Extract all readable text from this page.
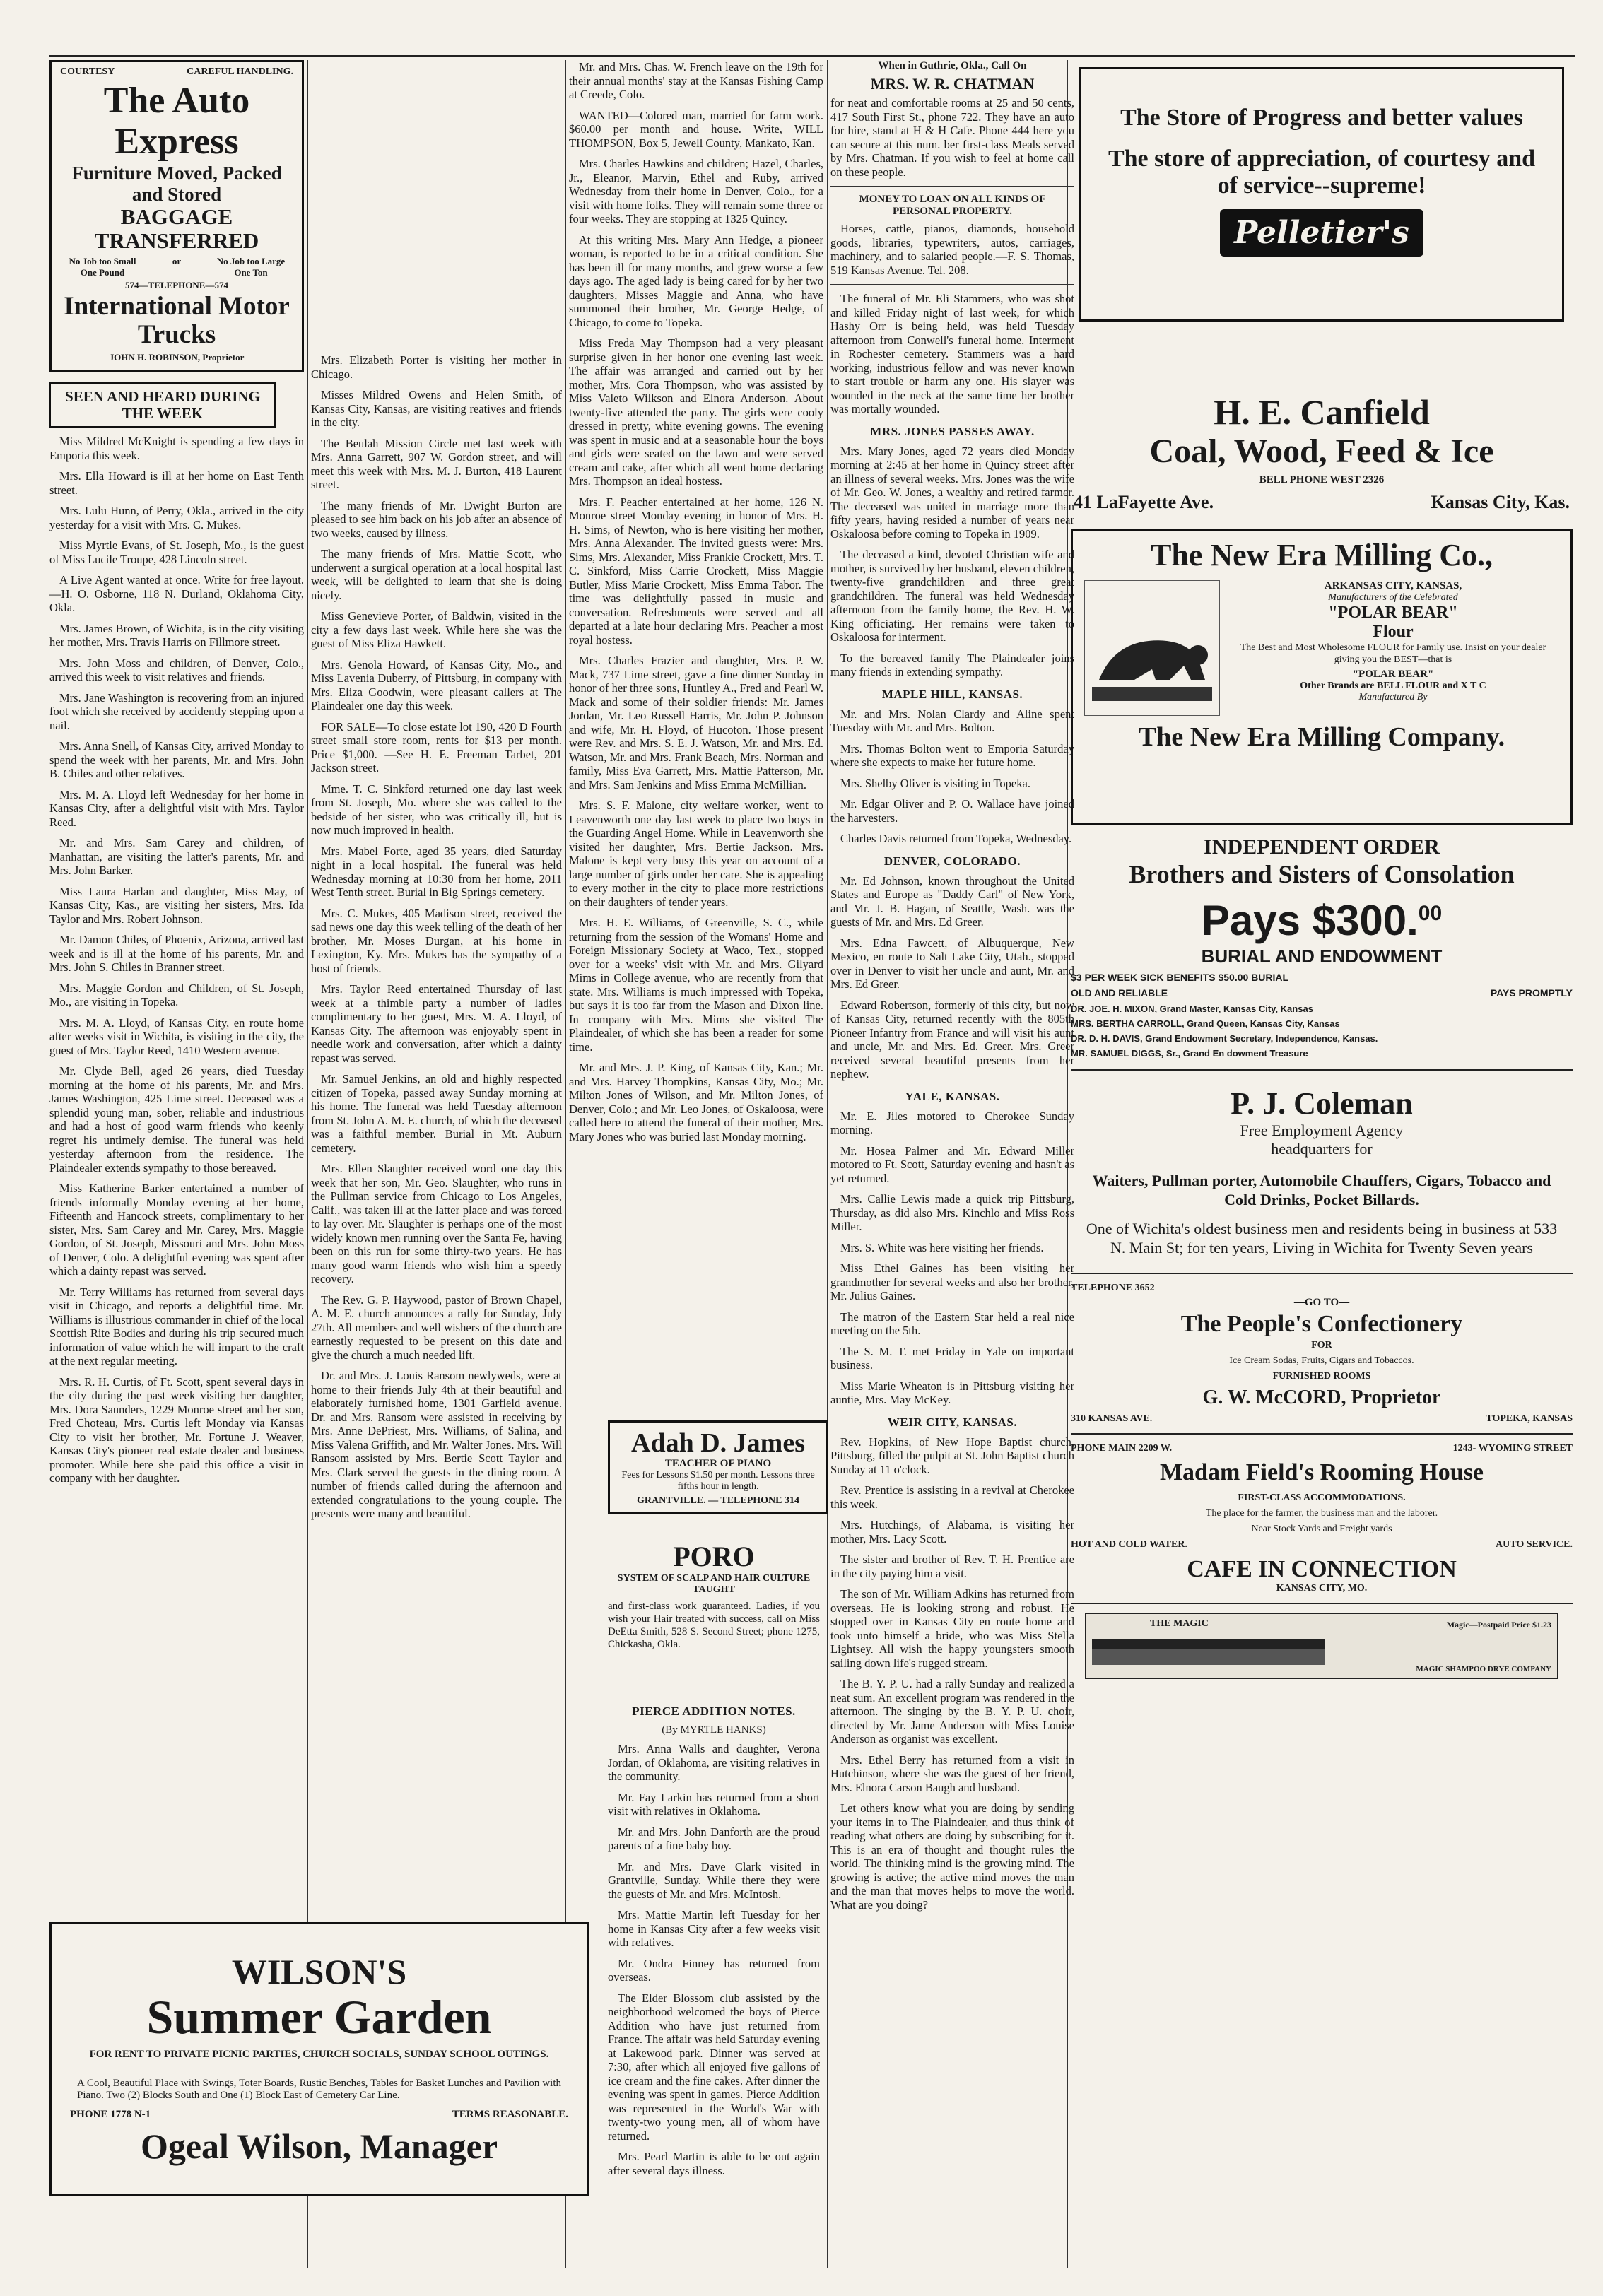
COURTESY	CAREFUL HANDLING.
The Auto Express
Furniture Moved, Packed and Stored
BAGGAGE TRANSFERRED
No Job too Small One Pound
or	No Job too Large One Ton
574—TELEPHONE—574
International Motor Trucks
JOHN H. ROBINSON, Proprietor
SEEN AND HEARD DURING THE WEEK

Miss Mildred McKnight is spending a few days in Emporia this week.

Mrs. Ella Howard is ill at her home on East Tenth street.

Mrs. Lulu Hunn, of Perry, Okla., arrived in the city yesterday for a visit with Mrs. C. Mukes.

Miss Myrtle Evans, of St. Joseph, Mo., is the guest of Miss Lucile Troupe, 428 Lincoln street.

A Live Agent wanted at once. Write for free layout.—H. O. Osborne, 118 N. Durland, Oklahoma City, Okla.

Mrs. James Brown, of Wichita, is in the city visiting her mother, Mrs. Travis Harris on Fillmore street.

Mrs. John Moss and children, of Denver, Colo., arrived this week to visit relatives and friends.

Mrs. Jane Washington is recovering from an injured foot which she received by accidently stepping upon a nail.

Mrs. Anna Snell, of Kansas City, arrived Monday to spend the week with her parents, Mr. and Mrs. John B. Chiles and other relatives.

Mrs. M. A. Lloyd left Wednesday for her home in Kansas City, after a delightful visit with Mrs. Taylor Reed.

Mr. and Mrs. Sam Carey and children, of Manhattan, are visiting the latter's parents, Mr. and Mrs. John Barker.

Miss Laura Harlan and daughter, Miss May, of Kansas City, Kas., are visiting her sisters, Mrs. Ida Taylor and Mrs. Robert Johnson.

Mr. Damon Chiles, of Phoenix, Arizona, arrived last week and is ill at the home of his parents, Mr. and Mrs. John S. Chiles in Branner street.

Mrs. Maggie Gordon and Children, of St. Joseph, Mo., are visiting in Topeka.

Mrs. M. A. Lloyd, of Kansas City, en route home after weeks visit in Wichita, is visiting in the city, the guest of Mrs. Taylor Reed, 1410 Western avenue.

Mr. Clyde Bell, aged 26 years, died Tuesday morning at the home of his parents, Mr. and Mrs. James Washington, 425 Lime street. Deceased was a splendid young man, sober, reliable and industrious and had a host of good warm friends who keenly regret his untimely demise. The funeral was held yesterday afternoon from the residence. The Plaindealer extends sympathy to those bereaved.

Miss Katherine Barker entertained a number of friends informally Monday evening at her home, Fifteenth and Hancock streets, complimentary to her sister, Mrs. Sam Carey and Mr. Carey, Mrs. Maggie Gordon, of St. Joseph, Missouri and Mrs. John Moss of Denver, Colo. A delightful evening was spent after which a dainty repast was served.

Mr. Terry Williams has returned from several days visit in Chicago, and reports a delightful time. Mr. Williams is illustrious commander in chief of the local Scottish Rite Bodies and during his trip secured much information of value which he will impart to the craft at the next regular meeting.

Mrs. R. H. Curtis, of Ft. Scott, spent several days in the city during the past week visiting her daughter, Mrs. Dora Saunders, 1229 Monroe street and her son, Fred Choteau, Mrs. Curtis left Monday via Kansas City to visit her brother, Mr. Fortune J. Weaver, Kansas City's pioneer real estate dealer and business promoter. While here she paid this office a visit in company with her daughter.

WILSON'S
Summer Garden
FOR RENT TO PRIVATE PICNIC PARTIES, CHURCH SOCIALS, SUNDAY SCHOOL OUTINGS.
A Cool, Beautiful Place with Swings, Toter Boards, Rustic Benches, Tables for Basket Lunches and Pavilion with Piano. Two (2) Blocks South and One (1) Block East of Cemetery Car Line.
PHONE 1778 N-1	TERMS REASONABLE.
Ogeal Wilson, Manager

Mrs. Elizabeth Porter is visiting her mother in Chicago.

Misses Mildred Owens and Helen Smith, of Kansas City, Kansas, are visiting reatives and friends in the city.

The Beulah Mission Circle met last week with Mrs. Anna Garrett, 907 W. Gordon street, and will meet this week with Mrs. M. J. Burton, 418 Laurent street.

The many friends of Mr. Dwight Burton are pleased to see him back on his job after an absence of two weeks, caused by illness.

The many friends of Mrs. Mattie Scott, who underwent a surgical operation at a local hospital last week, will be delighted to learn that she is doing nicely.

Miss Genevieve Porter, of Baldwin, visited in the city a few days last week. While here she was the guest of Miss Eliza Hawkett.

Mrs. Genola Howard, of Kansas City, Mo., and Miss Lavenia Duberry, of Pittsburg, in company with Mrs. Eliza Goodwin, were pleasant callers at The Plaindealer one day this week.

FOR SALE—To close estate lot 190, 420 D Fourth street small store room, rents for $13 per month. Price $1,000. —See H. E. Freeman Tarbet, 201 Jackson street.

Mme. T. C. Sinkford returned one day last week from St. Joseph, Mo. where she was called to the bedside of her sister, who was critically ill, but is now much improved in health.

Mrs. Mabel Forte, aged 35 years, died Saturday night in a local hospital. The funeral was held Wednesday morning at 10:30 from her home, 2011 West Tenth street. Burial in Big Springs cemetery.

Mrs. C. Mukes, 405 Madison street, received the sad news one day this week telling of the death of her brother, Mr. Moses Durgan, at his home in Lexington, Ky. Mrs. Mukes has the sympathy of a host of friends.

Mrs. Taylor Reed entertained Thursday of last week at a thimble party a number of ladies complimentary to her guest, Mrs. M. A. Lloyd, of Kansas City. The afternoon was enjoyably spent in needle work and conversation, after which a dainty repast was served.

Mr. Samuel Jenkins, an old and highly respected citizen of Topeka, passed away Sunday morning at his home. The funeral was held Tuesday afternoon from St. John A. M. E. church, of which the deceased was a faithful member. Burial in Mt. Auburn cemetery.

Mrs. Ellen Slaughter received word one day this week that her son, Mr. Geo. Slaughter, who runs in the Pullman service from Chicago to Los Angeles, Calif., was taken ill at the latter place and was forced to lay over. Mr. Slaughter is perhaps one of the most widely known men running over the Santa Fe, having been on this run for some thirty-two years. He has many good warm friends who wish him a speedy recovery.

The Rev. G. P. Haywood, pastor of Brown Chapel, A. M. E. church announces a rally for Sunday, July 27th. All members and well wishers of the church are earnestly requested to be present on this date and give the church a much needed lift.

Dr. and Mrs. J. Louis Ransom newlyweds, were at home to their friends July 4th at their beautiful and elaborately furnished home, 1301 Garfield avenue. Dr. and Mrs. Ransom were assisted in receiving by Mrs. Anne DePriest, Mrs. Williams, of Salina, and Miss Valena Griffith, and Mr. Walter Jones. Mrs. Will Ransom assisted by Mrs. Bertie Scott Taylor and Mrs. Clark served the guests in the dining room. A number of friends called during the afternoon and extended congratulations to the young couple. The presents were many and beautiful.

Mr. and Mrs. Chas. W. French leave on the 19th for their annual months' stay at the Kansas Fishing Camp at Creede, Colo.

WANTED—Colored man, married for farm work. $60.00 per month and house. Write, WILL THOMPSON, Box 5, Jewell County, Mankato, Kan.

Mrs. Charles Hawkins and children; Hazel, Charles, Jr., Eleanor, Marvin, Ethel and Ruby, arrived Wednesday from their home in Denver, Colo., for a visit with home folks. They will remain some three or four weeks. They are stopping at 1325 Quincy.

At this writing Mrs. Mary Ann Hedge, a pioneer woman, is reported to be in a critical condition. She has been ill for many months, and grew worse a few days ago. The aged lady is being cared for by her two daughters, Misses Maggie and Anna, who have summoned their brother, Mr. George Hedge, of Chicago, to come to Topeka.

Miss Freda May Thompson had a very pleasant surprise given in her honor one evening last week. The affair was arranged and carried out by her mother, Mrs. Cora Thompson, who was assisted by Miss Valeto Wilkson and Elnora Anderson. About twenty-five attended the party. The girls were cooly dressed in pretty, white evening gowns. The evening was spent in music and at a seasonable hour the boys and girls were seated on the lawn and were served cream and cake, after which all went home declaring Mrs. Thompson an ideal hostess.

Mrs. F. Peacher entertained at her home, 126 N. Monroe street Monday evening in honor of Mrs. H. H. Sims, of Newton, who is here visiting her mother, Mrs. Anna Alexander. The invited guests were: Mrs. Sims, Mrs. Alexander, Miss Frankie Crockett, Mrs. T. C. Sinkford, Miss Carrie Crockett, Miss Maggie Butler, Miss Marie Crockett, Miss Emma Tabor. The time was delightfully passed in music and conversation. Refreshments were served and all departed at a late hour declaring Mrs. Peacher a most royal hostess.

Mrs. Charles Frazier and daughter, Mrs. P. W. Mack, 737 Lime street, gave a fine dinner Sunday in honor of her three sons, Huntley A., Fred and Pearl W. Mack and some of their soldier friends: Mr. James Jordan, Mr. Leo Russell Harris, Mr. John P. Johnson and wife, Mr. H. Floyd, of Hucoton. Those present were Rev. and Mrs. S. E. J. Watson, Mr. and Mrs. Ed. Watson, Mr. and Mrs. Frank Beach, Mrs. Norman and family, Miss Eva Garrett, Mrs. Mattie Patterson, Mr. and Mrs. Sam Jenkins and Miss Emma McMillian.

Mrs. S. F. Malone, city welfare worker, went to Leavenworth one day last week to place two boys in the Guarding Angel Home. While in Leavenworth she visited her daughter, Mrs. Bertie Jackson. Mrs. Malone is kept very busy this year on account of a large number of girls under her care. She is appealing to every mother in the city to place more restrictions on their daughters of tender years.

Mrs. H. E. Williams, of Greenville, S. C., while returning from the session of the Womans' Home and Foreign Missionary Society at Waco, Tex., stopped over for a weeks' visit with Mr. and Mrs. Gilyard Mims in College avenue, who are recently from that state. Mrs. Williams is much impressed with Topeka, but says it is too far from the Mason and Dixon line. In company with Mrs. Mims she visited The Plaindealer, of which she has been a reader for some time.

Mr. and Mrs. J. P. King, of Kansas City, Kan.; Mr. and Mrs. Harvey Thompkins, Kansas City, Mo.; Mr. Milton Jones of Wilson, and Mr. Milton Jones, of Denver, Colo.; and Mr. Leo Jones, of Oskaloosa, were called here to attend the funeral of their mother, Mrs. Mary Jones who was buried last Monday morning.

Adah D. James
TEACHER OF PIANO
Fees for Lessons $1.50 per month. Lessons three fifths hour in length.
GRANTVILLE. — TELEPHONE 314
PORO
SYSTEM OF SCALP AND HAIR CULTURE TAUGHT
and first-class work guaranteed. Ladies, if you wish your Hair treated with success, call on Miss DeEtta Smith, 528 S. Second Street; phone 1275, Chickasha, Okla.
PIERCE ADDITION NOTES.
(By MYRTLE HANKS)

Mrs. Anna Walls and daughter, Verona Jordan, of Oklahoma, are visiting relatives in the community.

Mr. Fay Larkin has returned from a short visit with relatives in Oklahoma.

Mr. and Mrs. John Danforth are the proud parents of a fine baby boy.

Mr. and Mrs. Dave Clark visited in Grantville, Sunday. While there they were the guests of Mr. and Mrs. McIntosh.

Mrs. Mattie Martin left Tuesday for her home in Kansas City after a few weeks visit with relatives.

Mr. Ondra Finney has returned from overseas.

The Elder Blossom club assisted by the neighborhood welcomed the boys of Pierce Addition who have just returned from France. The affair was held Saturday evening at Lakewood park. Dinner was served at 7:30, after which all enjoyed five gallons of ice cream and the fine cakes. After dinner the evening was spent in games. Pierce Addition was represented in the World's War with twenty-two young men, all of whom have returned.

Mrs. Pearl Martin is able to be out again after several days illness.

When in Guthrie, Okla., Call On
MRS. W. R. CHATMAN

for neat and comfortable rooms at 25 and 50 cents, 417 South First St., phone 722. They have an auto for hire, stand at H & H Cafe. Phone 444 here you can secure at this num. ber first-class Meals served by Mrs. Chatman. If you wish to feel at home call on these people.

MONEY TO LOAN ON ALL KINDS OF PERSONAL PROPERTY.

Horses, cattle, pianos, diamonds, household goods, libraries, typewriters, autos, carriages, machinery, and to salaried people.—F. S. Thomas, 519 Kansas Avenue. Tel. 208.

The funeral of Mr. Eli Stammers, who was shot and killed Friday night of last week, for which Hashy Orr is being held, was held Tuesday afternoon from Conwell's funeral home. Interment in Rochester cemetery. Stammers was a hard working, industrious fellow and was never known to start trouble or harm any one. His slayer was wounded in the neck at the same time her brother was mortally wounded.

MRS. JONES PASSES AWAY.

Mrs. Mary Jones, aged 72 years died Monday morning at 2:45 at her home in Quincy street after an illness of several weeks. Mrs. Jones was the wife of Mr. Geo. W. Jones, a wealthy and retired farmer. The deceased was united in marriage more than fifty years, having resided a number of years near Oskaloosa before coming to Topeka in 1909.

The deceased a kind, devoted Christian wife and mother, is survived by her husband, eleven children, twenty-five grandchildren and three great grandchildren. The funeral was held Wednesday afternoon from the family home, the Rev. H. W. King officiating. Her remains were taken to Oskaloosa for interment.

To the bereaved family The Plaindealer joins many friends in extending sympathy.

MAPLE HILL, KANSAS.

Mr. and Mrs. Nolan Clardy and Aline spent Tuesday with Mr. and Mrs. Bolton.

Mrs. Thomas Bolton went to Emporia Saturday where she expects to make her future home.

Mrs. Shelby Oliver is visiting in Topeka.

Mr. Edgar Oliver and P. O. Wallace have joined the harvesters.

Charles Davis returned from Topeka, Wednesday.

DENVER, COLORADO.

Mr. Ed Johnson, known throughout the United States and Europe as "Daddy Carl" of New York, and Mr. J. B. Hagan, of Seattle, Wash. was the guests of Mr. and Mrs. Ed Greer.

Mrs. Edna Fawcett, of Albuquerque, New Mexico, en route to Salt Lake City, Utah., stopped over in Denver to visit her uncle and aunt, Mr. and Mrs. Ed Greer.

Edward Robertson, formerly of this city, but now of Kansas City, returned recently with the 805th Pioneer Infantry from France and will visit his aunt and uncle, Mr. and Mrs. Ed. Greer. Mrs. Greer received several beautiful presents from her nephew.

YALE, KANSAS.

Mr. E. Jiles motored to Cherokee Sunday morning.

Mr. Hosea Palmer and Mr. Edward Miller motored to Ft. Scott, Saturday evening and hasn't as yet returned.

Mrs. Callie Lewis made a quick trip Pittsburg, Thursday, as did also Mrs. Kinchlo and Miss Ross Miller.

Mrs. S. White was here visiting her friends.

Miss Ethel Gaines has been visiting her grandmother for several weeks and also her brother, Mr. Julius Gaines.

The matron of the Eastern Star held a real nice meeting on the 5th.

The S. M. T. met Friday in Yale on important business.

Miss Marie Wheaton is in Pittsburg visiting her auntie, Mrs. May McKey.

WEIR CITY, KANSAS.

Rev. Hopkins, of New Hope Baptist church, Pittsburg, filled the pulpit at St. John Baptist church Sunday at 11 o'clock.

Rev. Prentice is assisting in a revival at Cherokee this week.

Mrs. Hutchings, of Alabama, is visiting her mother, Mrs. Lacy Scott.

The sister and brother of Rev. T. H. Prentice are in the city paying him a visit.

The son of Mr. William Adkins has returned from overseas. He is looking strong and robust. He stopped over in Kansas City en route home and took unto himself a bride, who was Miss Stella Lightsey. All wish the happy youngsters smooth sailing down life's rugged stream.

The B. Y. P. U. had a rally Sunday and realized a neat sum. An excellent program was rendered in the afternoon. The singing by the B. Y. P. U. choir, directed by Mr. Jame Anderson with Miss Louise Anderson as organist was excellent.

Mrs. Ethel Berry has returned from a visit in Hutchinson, where she was the guest of her friend, Mrs. Elnora Carson Baugh and husband.

Let others know what you are doing by sending your items in to The Plaindealer, and thus think of reading what others are doing by subscribing for it. This is an era of thought and thought rules the world. The thinking mind is the growing mind. The growing is active; the active mind moves the man and the man that moves helps to move the world. What are you doing?

The Store of Progress and better values
The store of appreciation, of courtesy and of service--supreme!
Pelletier's
H. E. Canfield
Coal, Wood, Feed & Ice
BELL PHONE WEST 2326
41 LaFayette Ave.	Kansas City, Kas.
The New Era Milling Co.,
ARKANSAS CITY, KANSAS,
Manufacturers of the Celebrated
"POLAR BEAR"
Flour
The Best and Most Wholesome FLOUR for Family use. Insist on your dealer giving you the BEST—that is
"POLAR BEAR"
Other Brands are BELL FLOUR and X T C
Manufactured By
The New Era Milling Company.
INDEPENDENT ORDER
Brothers and Sisters of Consolation
Pays $300.00
BURIAL AND ENDOWMENT
$3 PER WEEK SICK BENEFITS $50.00 BURIAL
OLD AND RELIABLE	PAYS PROMPTLY
DR. JOE. H. MIXON, Grand Master, Kansas City, Kansas
MRS. BERTHA CARROLL, Grand Queen, Kansas City, Kansas
DR. D. H. DAVIS, Grand Endowment Secretary, Independence, Kansas.
MR. SAMUEL DIGGS, Sr., Grand En dowment Treasure
P. J. Coleman
Free Employment Agency
headquarters for
Waiters, Pullman porter, Automobile Chauffers, Cigars, Tobacco and Cold Drinks, Pocket Billards.
One of Wichita's oldest business men and residents being in business at 533 N. Main St; for ten years, Living in Wichita for Twenty Seven years
TELEPHONE 3652
—GO TO—
The People's Confectionery
FOR
Ice Cream Sodas, Fruits, Cigars and Tobaccos.
FURNISHED ROOMS
G. W. McCORD, Proprietor
310 KANSAS AVE.	TOPEKA, KANSAS
PHONE MAIN 2209 W.	1243- WYOMING STREET
Madam Field's Rooming House
FIRST-CLASS ACCOMMODATIONS.
The place for the farmer, the business man and the laborer.
Near Stock Yards and Freight yards
HOT AND COLD WATER.	AUTO SERVICE.
CAFE IN CONNECTION
KANSAS CITY, MO.
THE MAGIC	Magic—Postpaid Price $1.23
MAGIC SHAMPOO DRYE COMPANY
